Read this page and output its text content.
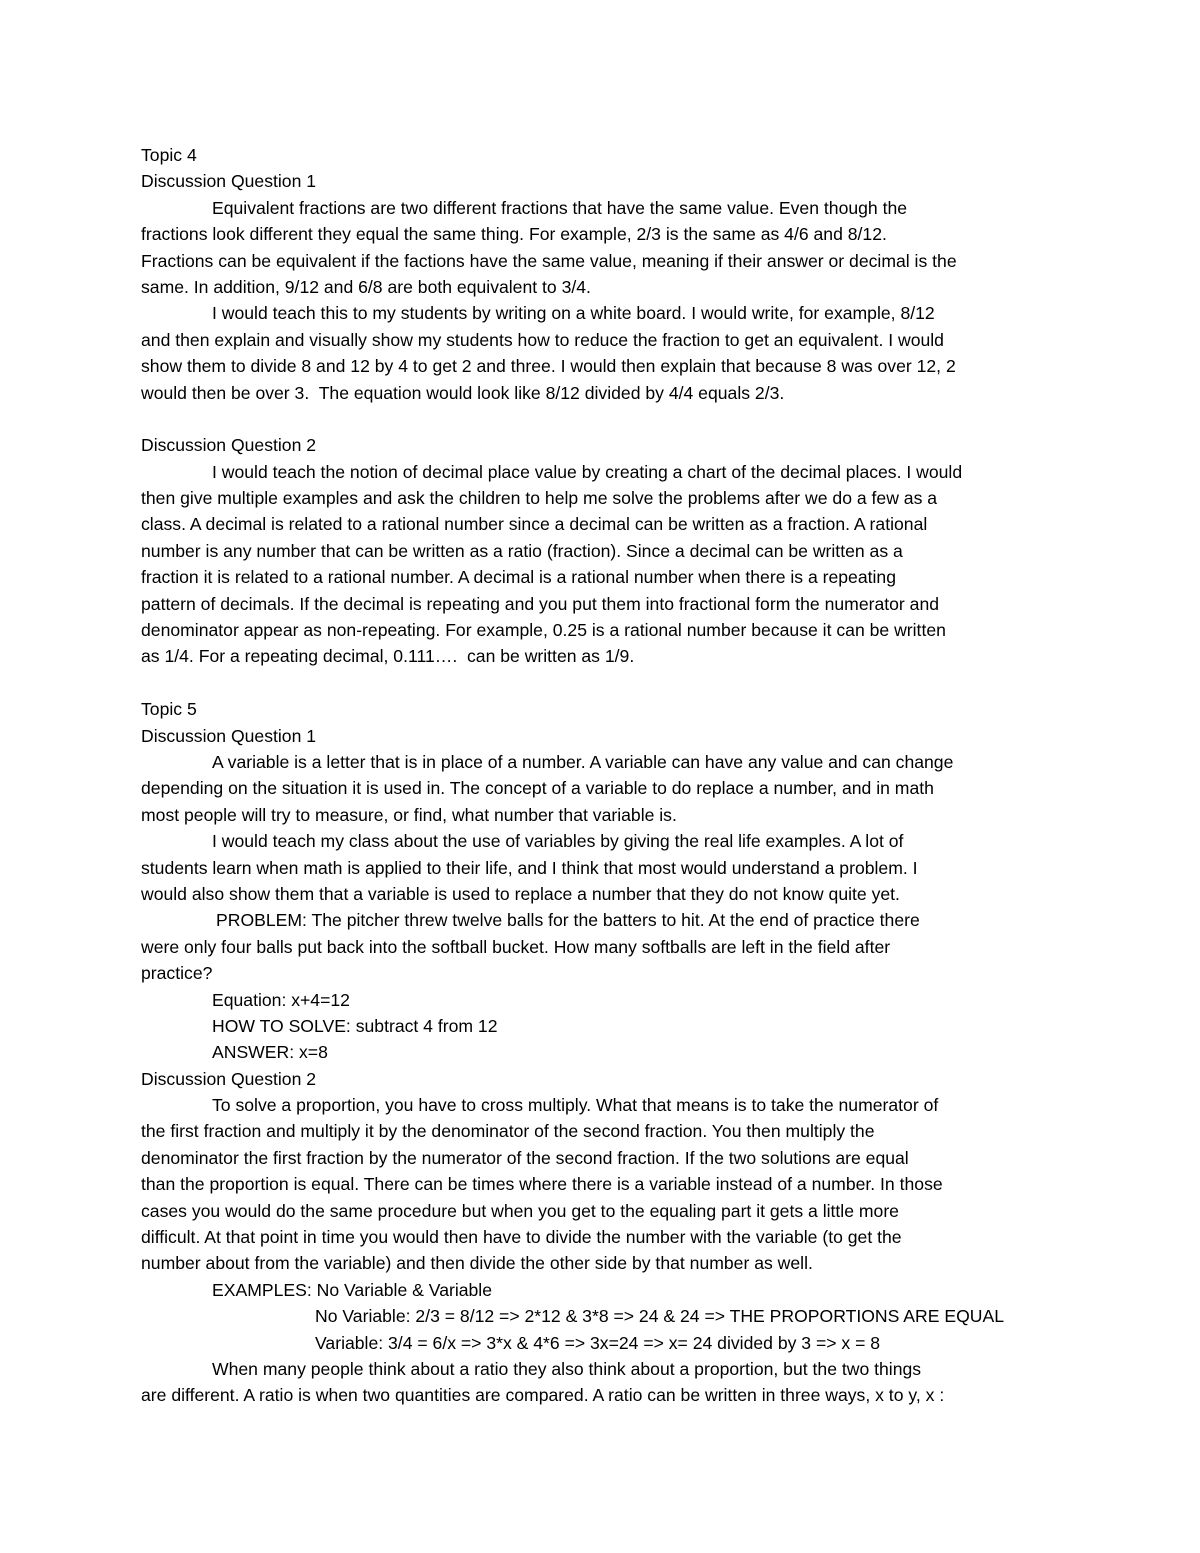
Topic 4
Discussion Question 1
Equivalent fractions are two different fractions that have the same value. Even though the
fractions look different they equal the same thing. For example, 2/3 is the same as 4/6 and 8/12.
Fractions can be equivalent if the factions have the same value, meaning if their answer or decimal is the
same. In addition, 9/12 and 6/8 are both equivalent to 3/4.
I would teach this to my students by writing on a white board. I would write, for example, 8/12
and then explain and visually show my students how to reduce the fraction to get an equivalent. I would
show them to divide 8 and 12 by 4 to get 2 and three. I would then explain that because 8 was over 12, 2
would then be over 3.  The equation would look like 8/12 divided by 4/4 equals 2/3.
Discussion Question 2
I would teach the notion of decimal place value by creating a chart of the decimal places. I would
then give multiple examples and ask the children to help me solve the problems after we do a few as a
class. A decimal is related to a rational number since a decimal can be written as a fraction. A rational
number is any number that can be written as a ratio (fraction). Since a decimal can be written as a
fraction it is related to a rational number. A decimal is a rational number when there is a repeating
pattern of decimals. If the decimal is repeating and you put them into fractional form the numerator and
denominator appear as non-repeating. For example, 0.25 is a rational number because it can be written
as 1/4. For a repeating decimal, 0.111….  can be written as 1/9.
Topic 5
Discussion Question 1
A variable is a letter that is in place of a number. A variable can have any value and can change
depending on the situation it is used in. The concept of a variable to do replace a number, and in math
most people will try to measure, or find, what number that variable is.
I would teach my class about the use of variables by giving the real life examples. A lot of
students learn when math is applied to their life, and I think that most would understand a problem. I
would also show them that a variable is used to replace a number that they do not know quite yet.
PROBLEM: The pitcher threw twelve balls for the batters to hit. At the end of practice there
were only four balls put back into the softball bucket. How many softballs are left in the field after
practice?
Equation: x+4=12
HOW TO SOLVE: subtract 4 from 12
ANSWER: x=8
Discussion Question 2
To solve a proportion, you have to cross multiply. What that means is to take the numerator of
the first fraction and multiply it by the denominator of the second fraction. You then multiply the
denominator the first fraction by the numerator of the second fraction. If the two solutions are equal
than the proportion is equal. There can be times where there is a variable instead of a number. In those
cases you would do the same procedure but when you get to the equaling part it gets a little more
difficult. At that point in time you would then have to divide the number with the variable (to get the
number about from the variable) and then divide the other side by that number as well.
EXAMPLES: No Variable & Variable
No Variable: 2/3 = 8/12 => 2*12 & 3*8 => 24 & 24 => THE PROPORTIONS ARE EQUAL
Variable: 3/4 = 6/x => 3*x & 4*6 => 3x=24 => x= 24 divided by 3 => x = 8
When many people think about a ratio they also think about a proportion, but the two things
are different. A ratio is when two quantities are compared. A ratio can be written in three ways, x to y, x :
